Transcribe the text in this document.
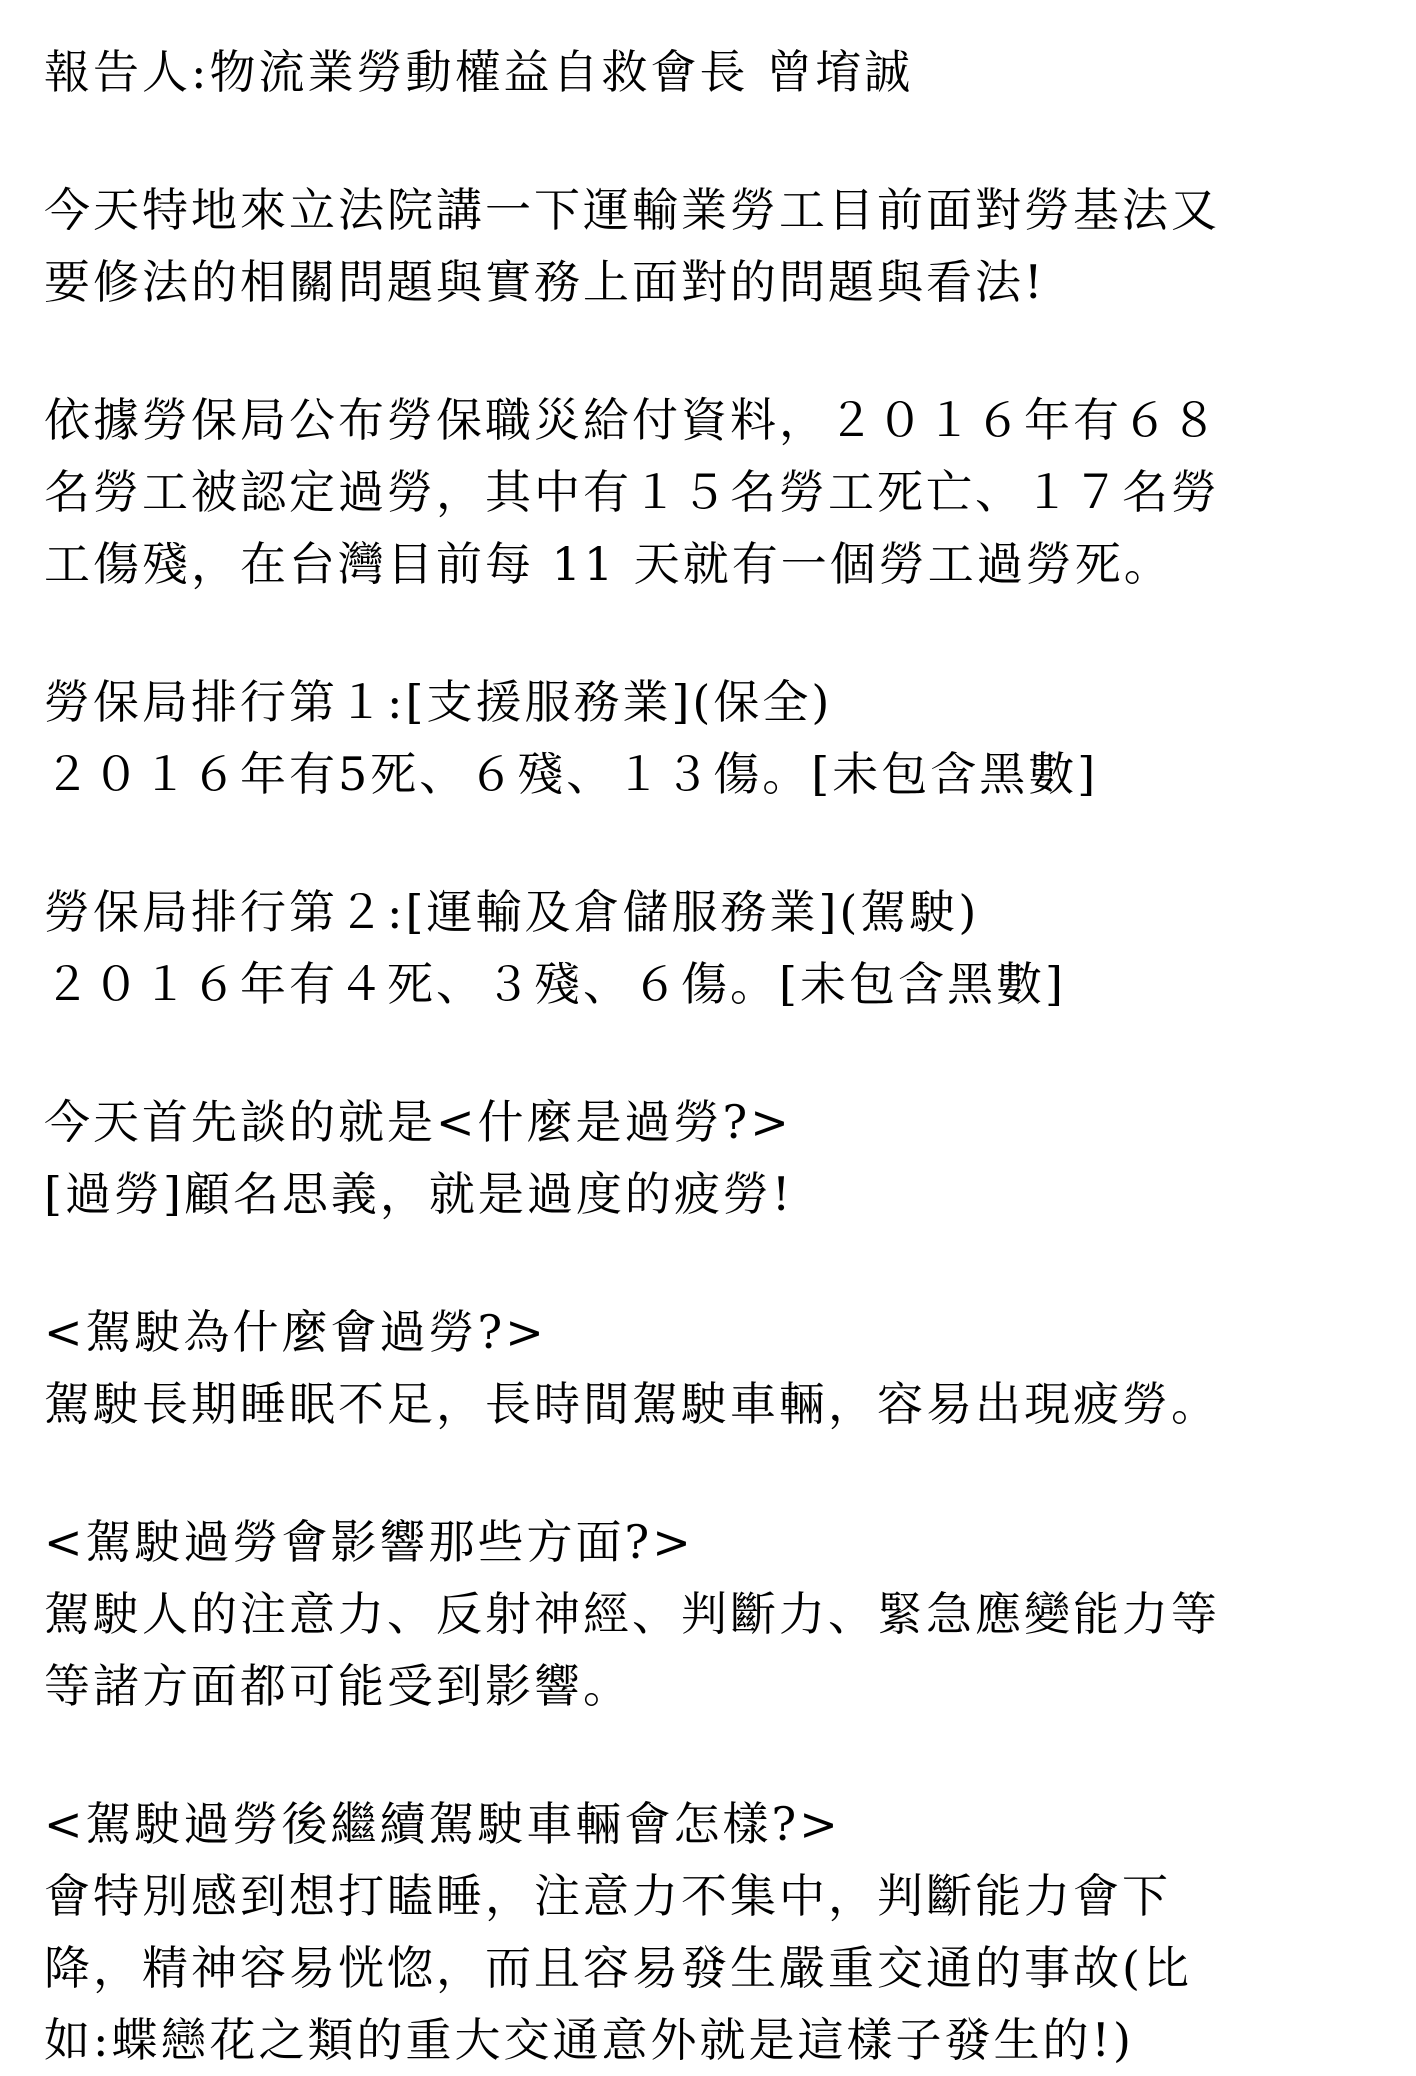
報告人:物流業勞動權益自救會長 曾堉誠
今天特地來立法院講一下運輸業勞工目前面對勞基法又
要修法的相關問題與實務上面對的問題與看法!
依據勞保局公布勞保職災給付資料，２０１６年有６８
名勞工被認定過勞，其中有１５名勞工死亡、１７名勞
工傷殘，在台灣目前每 11 天就有一個勞工過勞死。
勞保局排行第１:[支援服務業](保全)
２０１６年有5死、６殘、１３傷。[未包含黑數]
勞保局排行第２:[運輸及倉儲服務業](駕駛)
２０１６年有４死、３殘、６傷。[未包含黑數]
今天首先談的就是<什麼是過勞?>
[過勞]顧名思義，就是過度的疲勞!
<駕駛為什麼會過勞?>
駕駛長期睡眠不足，長時間駕駛車輛，容易出現疲勞。
<駕駛過勞會影響那些方面?>
駕駛人的注意力、反射神經、判斷力、緊急應變能力等
等諸方面都可能受到影響。
<駕駛過勞後繼續駕駛車輛會怎樣?>
會特別感到想打瞌睡，注意力不集中，判斷能力會下
降，精神容易恍惚，而且容易發生嚴重交通的事故(比
如:蝶戀花之類的重大交通意外就是這樣子發生的!)
